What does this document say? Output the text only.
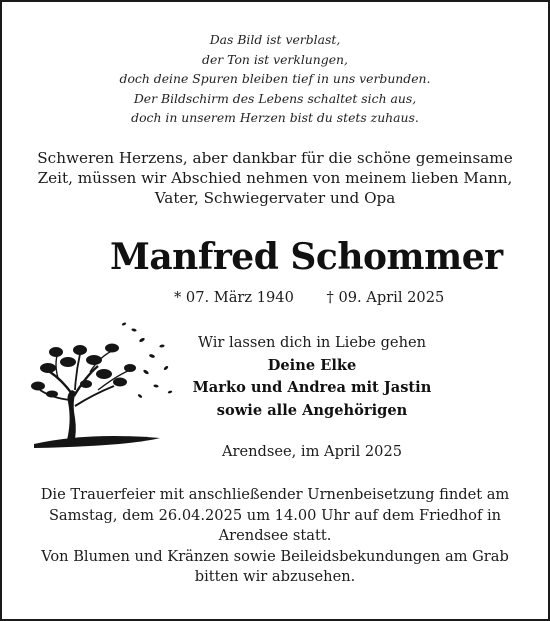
Das Bild ist verblast,
der Ton ist verklungen,
doch deine Spuren bleiben tief in uns verbunden.
Der Bildschirm des Lebens schaltet sich aus,
doch in unserem Herzen bist du stets zuhaus.
Schweren Herzens, aber dankbar für die schöne gemeinsame
Zeit, müssen wir Abschied nehmen von meinem lieben Mann,
Vater, Schwiegervater und Opa
Manfred Schommer
* 07. März 1940 † 09. April 2025
Wir lassen dich in Liebe gehen
Deine Elke
Marko und Andrea mit Jastin
sowie alle Angehörigen
Arendsee, im April 2025
Die Trauerfeier mit anschließender Urnenbeisetzung findet am
Samstag, dem 26.04.2025 um 14.00 Uhr auf dem Friedhof in
Arendsee statt.
Von Blumen und Kränzen sowie Beileidsbekundungen am Grab
bitten wir abzusehen.
